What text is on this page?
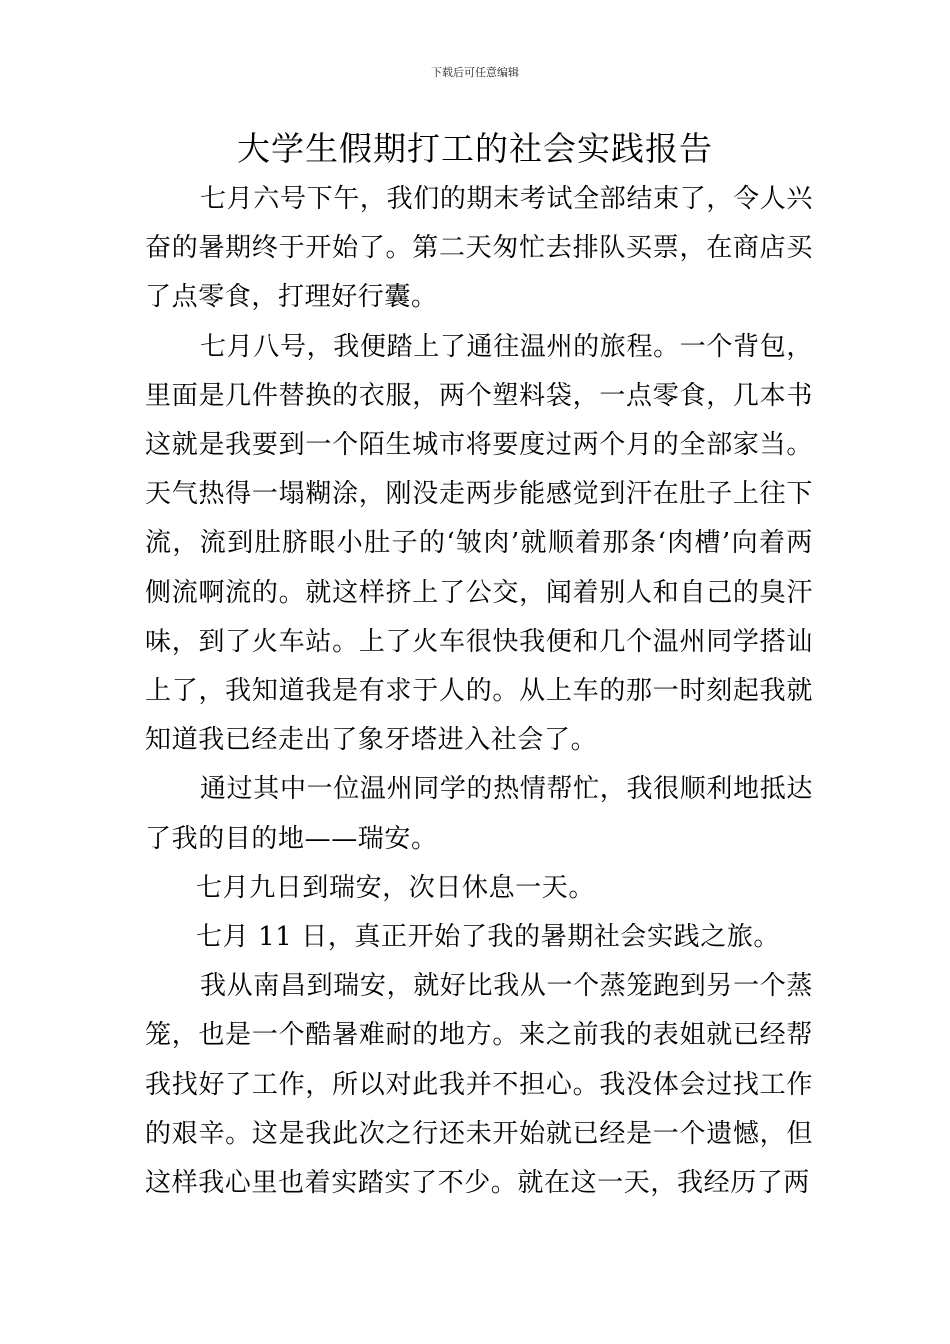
下载后可任意编辑
大学生假期打工的社会实践报告

七月六号下午，我们的期末考试全部结束了，令人兴奋的暑期终于开始了。第二天匆忙去排队买票，在商店买了点零食，打理好行囊。

七月八号，我便踏上了通往温州的旅程。一个背包，里面是几件替换的衣服，两个塑料袋，一点零食，几本书这就是我要到一个陌生城市将要度过两个月的全部家当。天气热得一塌糊涂，刚没走两步能感觉到汗在肚子上往下流，流到肚脐眼小肚子的‘皱肉’就顺着那条‘肉槽’向着两侧流啊流的。就这样挤上了公交，闻着别人和自己的臭汗味，到了火车站。上了火车很快我便和几个温州同学搭讪上了，我知道我是有求于人的。从上车的那一时刻起我就知道我已经走出了象牙塔进入社会了。

通过其中一位温州同学的热情帮忙，我很顺利地抵达了我的目的地——瑞安。

七月九日到瑞安，次日休息一天。

七月 11 日，真正开始了我的暑期社会实践之旅。

我从南昌到瑞安，就好比我从一个蒸笼跑到另一个蒸笼，也是一个酷暑难耐的地方。来之前我的表姐就已经帮我找好了工作，所以对此我并不担心。我没体会过找工作的艰辛。这是我此次之行还未开始就已经是一个遗憾，但这样我心里也着实踏实了不少。就在这一天，我经历了两
